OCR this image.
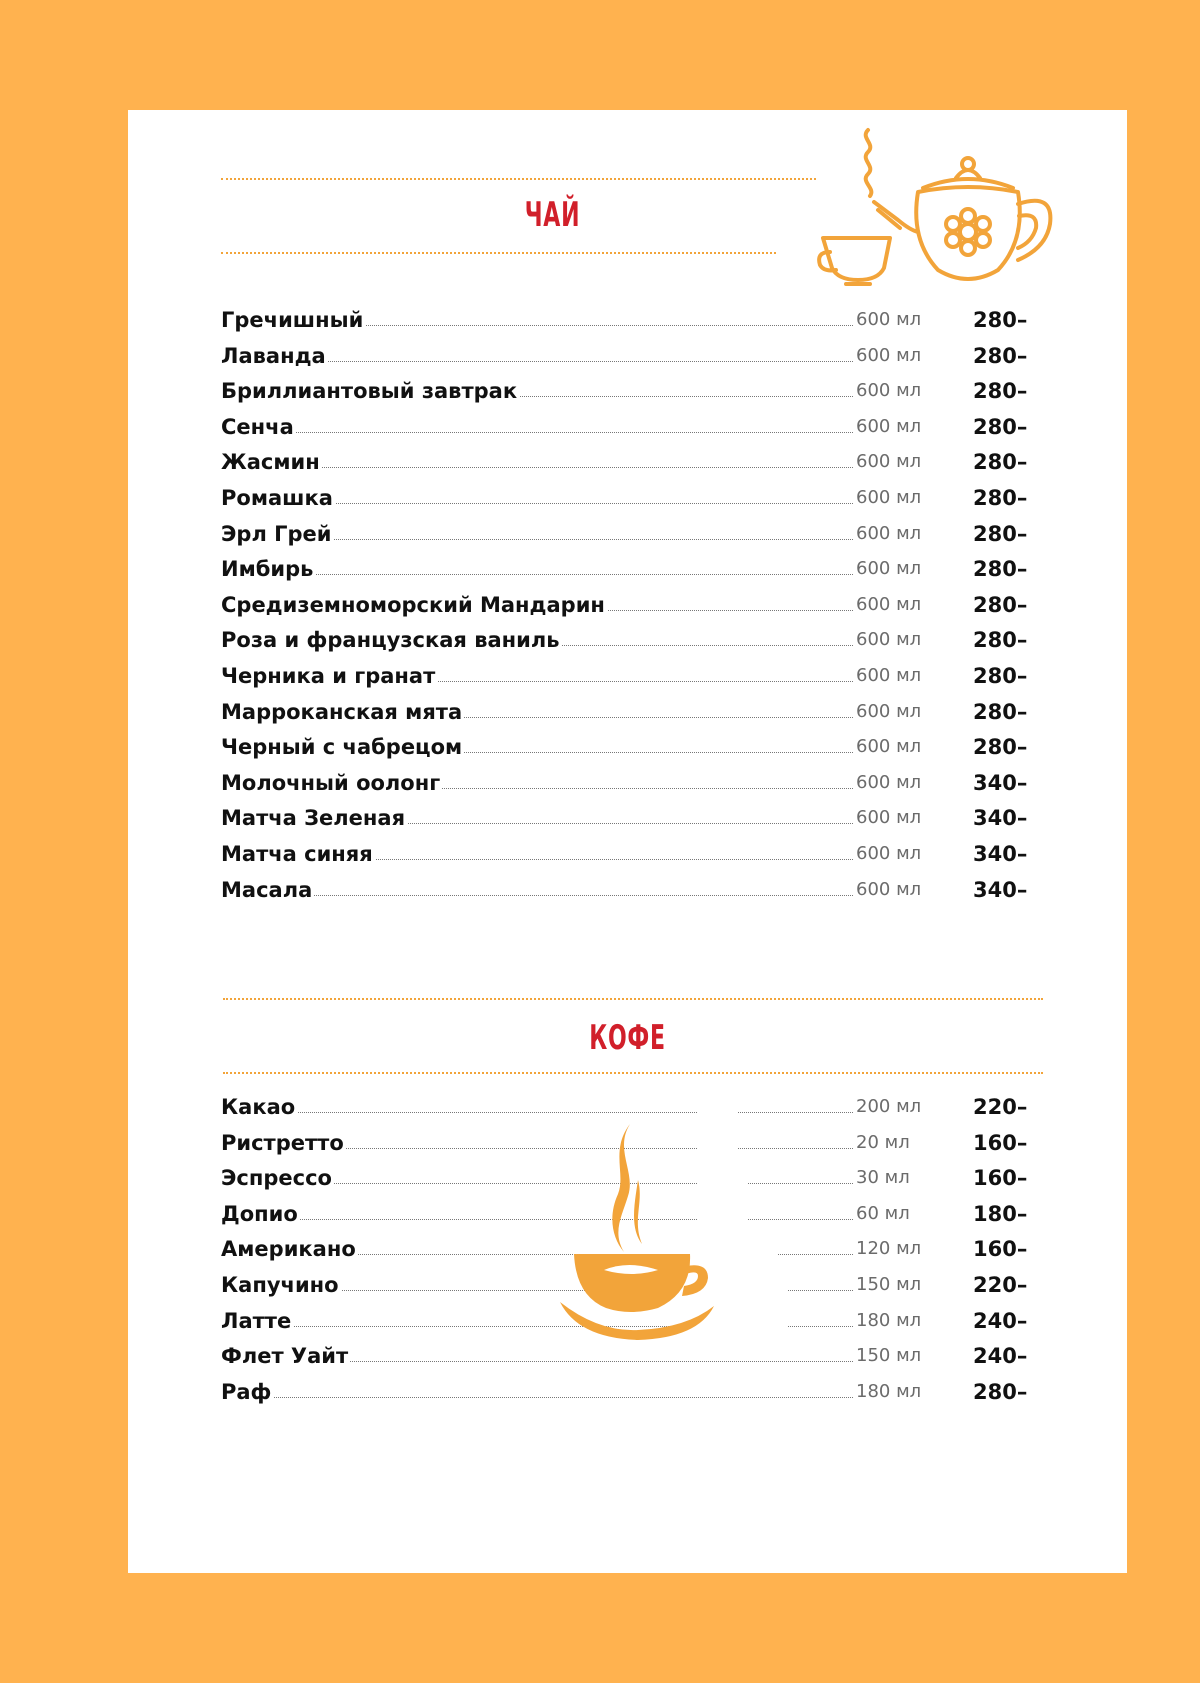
ЧАЙ
Гречишный	600 мл 280–
Лаванда	600 мл 280–
Бриллиантовый завтрак	600 мл 280–
Сенча	600 мл 280–
Жасмин	600 мл 280–
Ромашка	600 мл 280–
Эрл Грей	600 мл 280–
Имбирь	600 мл 280–
Средиземноморский Мандарин	600 мл 280–
Роза и французская ваниль	600 мл 280–
Черника и гранат	600 мл 280–
Марроканская мята	600 мл 280–
Черный с чабрецом	600 мл 280–
Молочный оолонг	600 мл 340–
Матча Зеленая	600 мл 340–
Матча синяя	600 мл 340–
Масала	600 мл 340–
КОФЕ
Какао	200 мл 220–
Ристретто	20 мл	160–
Эспрессо	30 мл	160–
Допио	60 мл	180–
Американо	120 мл 160–
Капучино	150 мл 220–
Латте	180 мл 240–
Флет Уайт	150 мл 240–
Раф	180 мл 280–
